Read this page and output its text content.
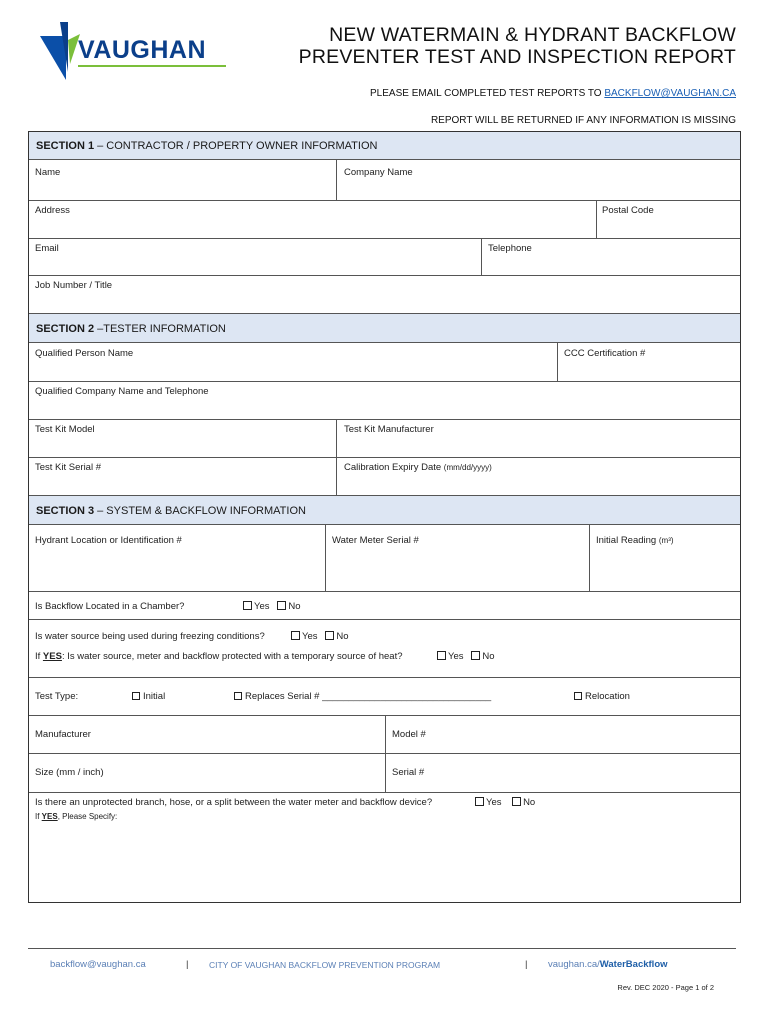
VAUGHAN
NEW WATERMAIN & HYDRANT BACKFLOW
PREVENTER TEST AND INSPECTION REPORT
PLEASE EMAIL COMPLETED TEST REPORTS TO BACKFLOW@VAUGHAN.CA
REPORT WILL BE RETURNED IF ANY INFORMATION IS MISSING
SECTION 1 – CONTRACTOR / PROPERTY OWNER INFORMATION
Name	Company Name
Address	Postal Code
Email	Telephone
Job Number / Title
SECTION 2 –TESTER INFORMATION
Qualified Person Name	CCC Certification #
Qualified Company Name and Telephone
Test Kit Model	Test Kit Manufacturer
Test Kit Serial #	Calibration Expiry Date (mm/dd/yyyy)
SECTION 3 – SYSTEM & BACKFLOW INFORMATION
Hydrant Location or Identification #	Water Meter Serial #	Initial Reading (m³)
Is Backflow Located in a Chamber?	Yes No
Is water source being used during freezing conditions?	Yes No
If YES: Is water source, meter and backflow protected with a temporary source of heat?	Yes No
Test Type:	Initial	Replaces Serial # ________________________________	Relocation
Manufacturer	Model #
Size (mm / inch)	Serial #
Is there an unprotected branch, hose, or a split between the water meter and backflow device?	Yes No
If YES, Please Specify:
backflow@vaughan.ca	| CITY OF VAUGHAN BACKFLOW PREVENTION PROGRAM	| vaughan.ca/WaterBackflow
Rev. DEC 2020 - Page 1 of 2
